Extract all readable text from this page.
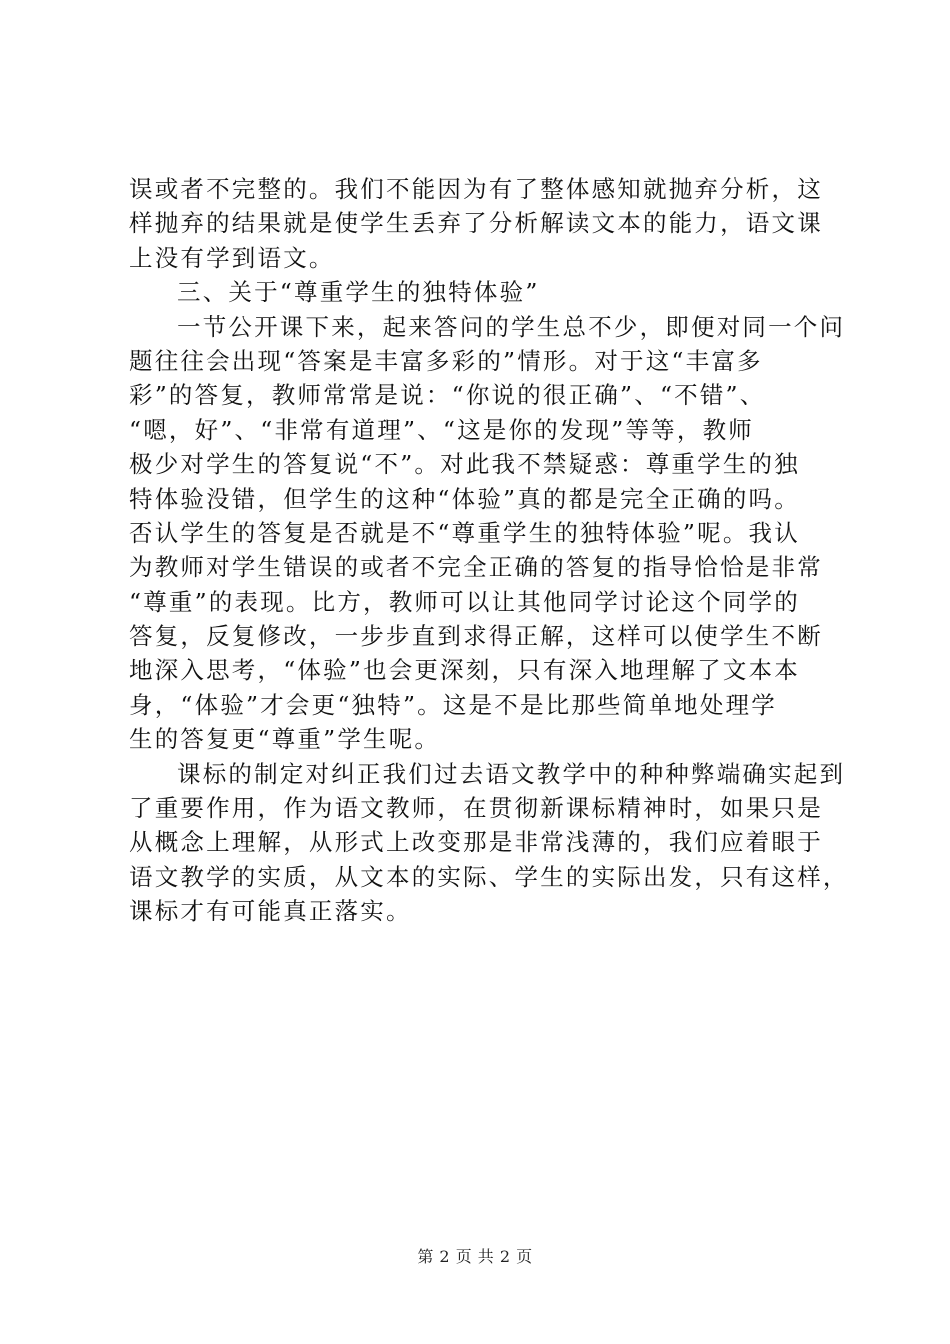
误或者不完整的。我们不能因为有了整体感知就抛弃分析，这
样抛弃的结果就是使学生丢弃了分析解读文本的能力，语文课
上没有学到语文。
三、关于“尊重学生的独特体验”
一节公开课下来，起来答问的学生总不少，即便对同一个问
题往往会出现“答案是丰富多彩的”情形。对于这“丰富多
彩”的答复，教师常常是说：“你说的很正确”、“不错”、
“嗯，好”、“非常有道理”、“这是你的发现”等等，教师
极少对学生的答复说“不”。对此我不禁疑惑：尊重学生的独
特体验没错，但学生的这种“体验”真的都是完全正确的吗。
否认学生的答复是否就是不“尊重学生的独特体验”呢。我认
为教师对学生错误的或者不完全正确的答复的指导恰恰是非常
“尊重”的表现。比方，教师可以让其他同学讨论这个同学的
答复，反复修改，一步步直到求得正解，这样可以使学生不断
地深入思考，“体验”也会更深刻，只有深入地理解了文本本
身，“体验”才会更“独特”。这是不是比那些简单地处理学
生的答复更“尊重”学生呢。
课标的制定对纠正我们过去语文教学中的种种弊端确实起到
了重要作用，作为语文教师，在贯彻新课标精神时，如果只是
从概念上理解，从形式上改变那是非常浅薄的，我们应着眼于
语文教学的实质，从文本的实际、学生的实际出发，只有这样，
课标才有可能真正落实。
第 2 页 共 2 页
